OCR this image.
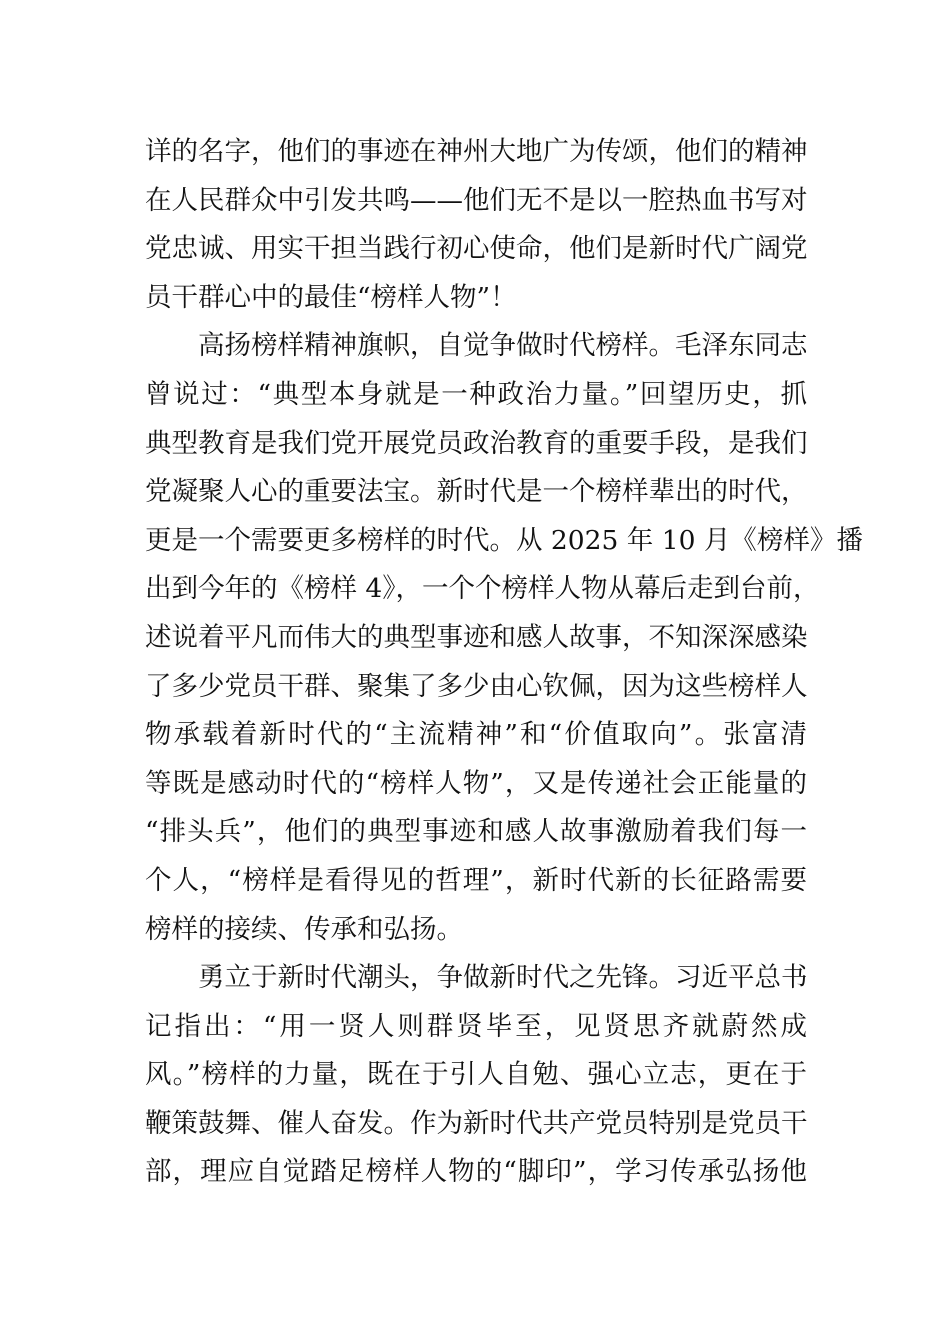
详的名字，他们的事迹在神州大地广为传颂，他们的精神
在人民群众中引发共鸣——他们无不是以一腔热血书写对
党忠诚、用实干担当践行初心使命，他们是新时代广阔党
员干群心中的最佳“榜样人物”！
高扬榜样精神旗帜，自觉争做时代榜样。毛泽东同志
曾说过：“典型本身就是一种政治力量。”回望历史，抓
典型教育是我们党开展党员政治教育的重要手段，是我们
党凝聚人心的重要法宝。新时代是一个榜样辈出的时代，
更是一个需要更多榜样的时代。从 2025 年 10 月《榜样》播
出到今年的《榜样 4》，一个个榜样人物从幕后走到台前，
述说着平凡而伟大的典型事迹和感人故事，不知深深感染
了多少党员干群、聚集了多少由心钦佩，因为这些榜样人
物承载着新时代的“主流精神”和“价值取向”。张富清
等既是感动时代的“榜样人物”，又是传递社会正能量的
“排头兵”，他们的典型事迹和感人故事激励着我们每一
个人，“榜样是看得见的哲理”，新时代新的长征路需要
榜样的接续、传承和弘扬。
勇立于新时代潮头，争做新时代之先锋。习近平总书
记指出：“用一贤人则群贤毕至，见贤思齐就蔚然成
风。”榜样的力量，既在于引人自勉、强心立志，更在于
鞭策鼓舞、催人奋发。作为新时代共产党员特别是党员干
部，理应自觉踏足榜样人物的“脚印”，学习传承弘扬他
